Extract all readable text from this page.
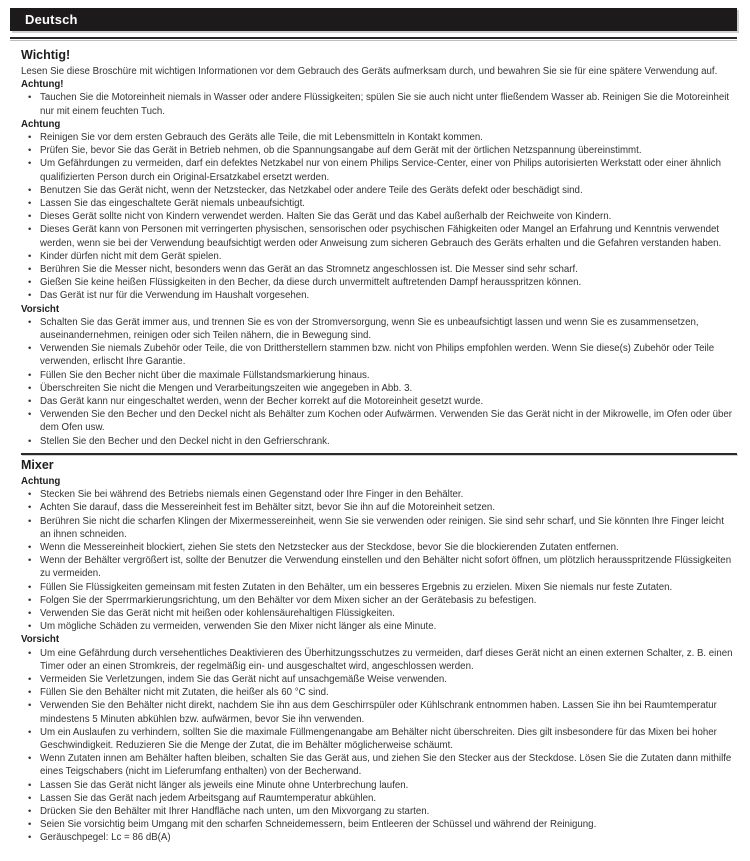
Deutsch
Wichtig!

Lesen Sie diese Broschüre mit wichtigen Informationen vor dem Gebrauch des Geräts aufmerksam durch, und bewahren Sie sie für eine spätere Verwendung auf.

Achtung!
• Tauchen Sie die Motoreinheit niemals in Wasser oder andere Flüssigkeiten; spülen Sie sie auch nicht unter fließendem Wasser ab. Reinigen Sie die Motoreinheit nur mit einem feuchten Tuch.
Achtung
• Reinigen Sie vor dem ersten Gebrauch des Geräts alle Teile, die mit Lebensmitteln in Kontakt kommen.
• Prüfen Sie, bevor Sie das Gerät in Betrieb nehmen, ob die Spannungsangabe auf dem Gerät mit der örtlichen Netzspannung übereinstimmt.
• Um Gefährdungen zu vermeiden, darf ein defektes Netzkabel nur von einem Philips Service-Center, einer von Philips autorisierten Werkstatt oder einer ähnlich qualifizierten Person durch ein Original-Ersatzkabel ersetzt werden.
• Benutzen Sie das Gerät nicht, wenn der Netzstecker, das Netzkabel oder andere Teile des Geräts defekt oder beschädigt sind.
• Lassen Sie das eingeschaltete Gerät niemals unbeaufsichtigt.
• Dieses Gerät sollte nicht von Kindern verwendet werden. Halten Sie das Gerät und das Kabel außerhalb der Reichweite von Kindern.
• Dieses Gerät kann von Personen mit verringerten physischen, sensorischen oder psychischen Fähigkeiten oder Mangel an Erfahrung und Kenntnis verwendet werden, wenn sie bei der Verwendung beaufsichtigt werden oder Anweisung zum sicheren Gebrauch des Geräts erhalten und die Gefahren verstanden haben.
• Kinder dürfen nicht mit dem Gerät spielen.
• Berühren Sie die Messer nicht, besonders wenn das Gerät an das Stromnetz angeschlossen ist. Die Messer sind sehr scharf.
• Gießen Sie keine heißen Flüssigkeiten in den Becher, da diese durch unvermittelt auftretenden Dampf herausspritzen können.
• Das Gerät ist nur für die Verwendung im Haushalt vorgesehen.
Vorsicht
• Schalten Sie das Gerät immer aus, und trennen Sie es von der Stromversorgung, wenn Sie es unbeaufsichtigt lassen und wenn Sie es zusammensetzen, auseinandernehmen, reinigen oder sich Teilen nähern, die in Bewegung sind.
• Verwenden Sie niemals Zubehör oder Teile, die von Drittherstellern stammen bzw. nicht von Philips empfohlen werden. Wenn Sie diese(s) Zubehör oder Teile verwenden, erlischt Ihre Garantie.
• Füllen Sie den Becher nicht über die maximale Füllstandsmarkierung hinaus.
• Überschreiten Sie nicht die Mengen und Verarbeitungszeiten wie angegeben in Abb. 3.
• Das Gerät kann nur eingeschaltet werden, wenn der Becher korrekt auf die Motoreinheit gesetzt wurde.
• Verwenden Sie den Becher und den Deckel nicht als Behälter zum Kochen oder Aufwärmen. Verwenden Sie das Gerät nicht in der Mikrowelle, im Ofen oder über dem Ofen usw.
• Stellen Sie den Becher und den Deckel nicht in den Gefrierschrank.
Mixer
Achtung
• Stecken Sie bei während des Betriebs niemals einen Gegenstand oder Ihre Finger in den Behälter.
• Achten Sie darauf, dass die Messereinheit fest im Behälter sitzt, bevor Sie ihn auf die Motoreinheit setzen.
• Berühren Sie nicht die scharfen Klingen der Mixermessereinheit, wenn Sie sie verwenden oder reinigen. Sie sind sehr scharf, und Sie könnten Ihre Finger leicht an ihnen schneiden.
• Wenn die Messereinheit blockiert, ziehen Sie stets den Netzstecker aus der Steckdose, bevor Sie die blockierenden Zutaten entfernen.
• Wenn der Behälter vergrößert ist, sollte der Benutzer die Verwendung einstellen und den Behälter nicht sofort öffnen, um plötzlich herausspritzende Flüssigkeiten zu vermeiden.
• Füllen Sie Flüssigkeiten gemeinsam mit festen Zutaten in den Behälter, um ein besseres Ergebnis zu erzielen. Mixen Sie niemals nur feste Zutaten.
• Folgen Sie der Sperrmarkierungsrichtung, um den Behälter vor dem Mixen sicher an der Gerätebasis zu befestigen.
• Verwenden Sie das Gerät nicht mit heißen oder kohlensäurehaltigen Flüssigkeiten.
• Um mögliche Schäden zu vermeiden, verwenden Sie den Mixer nicht länger als eine Minute.
Vorsicht
• Um eine Gefährdung durch versehentliches Deaktivieren des Überhitzungsschutzes zu vermeiden, darf dieses Gerät nicht an einen externen Schalter, z. B. einen Timer oder an einen Stromkreis, der regelmäßig ein- und ausgeschaltet wird, angeschlossen werden.
• Vermeiden Sie Verletzungen, indem Sie das Gerät nicht auf unsachgemäße Weise verwenden.
• Füllen Sie den Behälter nicht mit Zutaten, die heißer als 60 °C sind.
• Verwenden Sie den Behälter nicht direkt, nachdem Sie ihn aus dem Geschirrspüler oder Kühlschrank entnommen haben. Lassen Sie ihn bei Raumtemperatur mindestens 5 Minuten abkühlen bzw. aufwärmen, bevor Sie ihn verwenden.
• Um ein Auslaufen zu verhindern, sollten Sie die maximale Füllmengenangabe am Behälter nicht überschreiten. Dies gilt insbesondere für das Mixen bei hoher Geschwindigkeit. Reduzieren Sie die Menge der Zutat, die im Behälter möglicherweise schäumt.
• Wenn Zutaten innen am Behälter haften bleiben, schalten Sie das Gerät aus, und ziehen Sie den Stecker aus der Steckdose. Lösen Sie die Zutaten dann mithilfe eines Teigschabers (nicht im Lieferumfang enthalten) von der Becherwand.
• Lassen Sie das Gerät nicht länger als jeweils eine Minute ohne Unterbrechung laufen.
• Lassen Sie das Gerät nach jedem Arbeitsgang auf Raumtemperatur abkühlen.
• Drücken Sie den Behälter mit Ihrer Handfläche nach unten, um den Mixvorgang zu starten.
• Seien Sie vorsichtig beim Umgang mit den scharfen Schneidemessern, beim Entleeren der Schüssel und während der Reinigung.
• Geräuschpegel: Lc = 86 dB(A)
